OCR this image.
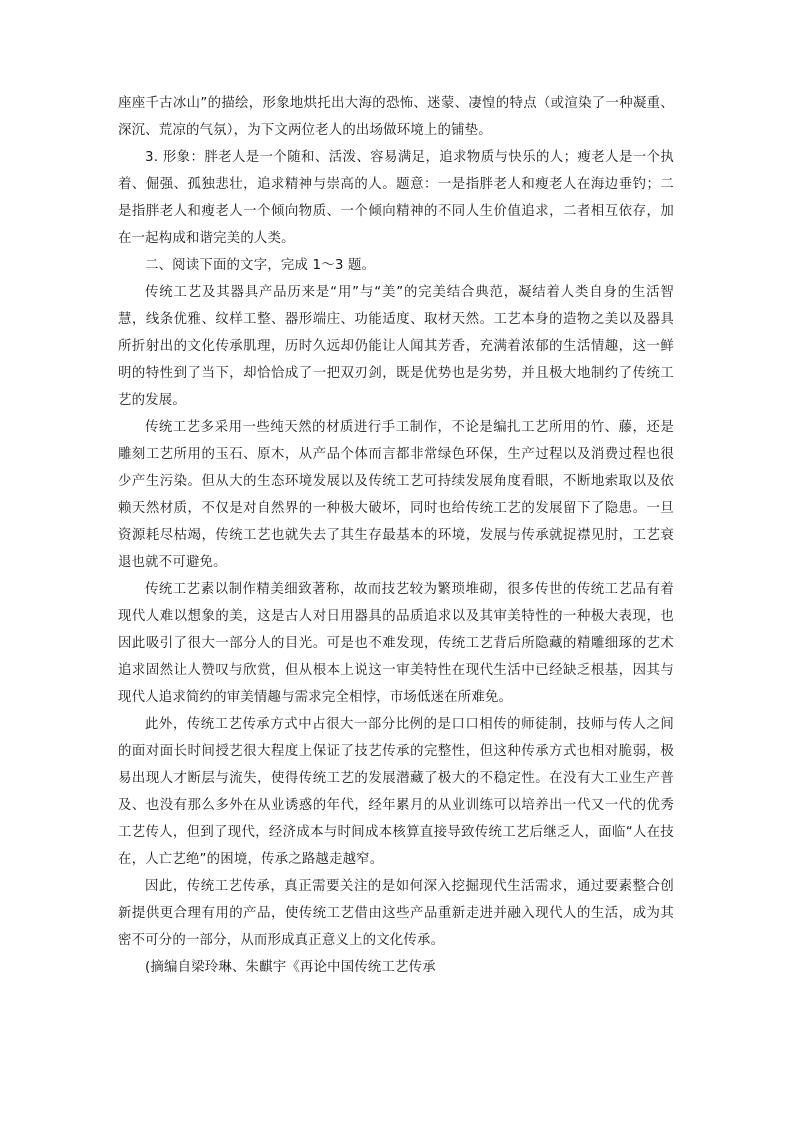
座座千古冰山”的描绘，形象地烘托出大海的恐怖、迷蒙、凄惶的特点（或渲染了一种凝重、深沉、荒凉的气氛），为下文两位老人的出场做环境上的铺垫。

3. 形象：胖老人是一个随和、活泼、容易满足，追求物质与快乐的人；瘦老人是一个执着、倔强、孤独悲壮，追求精神与崇高的人。题意：一是指胖老人和瘦老人在海边垂钓；二是指胖老人和瘦老人一个倾向物质、一个倾向精神的不同人生价值追求，二者相互依存，加在一起构成和谐完美的人类。

二、阅读下面的文字，完成 1～3 题。

传统工艺及其器具产品历来是“用”与“美”的完美结合典范，凝结着人类自身的生活智慧，线条优雅、纹样工整、器形端庄、功能适度、取材天然。工艺本身的造物之美以及器具所折射出的文化传承肌理，历时久远却仍能让人闻其芳香，充满着浓郁的生活情趣，这一鲜明的特性到了当下，却恰恰成了一把双刃剑，既是优势也是劣势，并且极大地制约了传统工艺的发展。

传统工艺多采用一些纯天然的材质进行手工制作，不论是编扎工艺所用的竹、藤，还是雕刻工艺所用的玉石、原木，从产品个体而言都非常绿色环保，生产过程以及消费过程也很少产生污染。但从大的生态环境发展以及传统工艺可持续发展角度看眼，不断地索取以及依赖天然材质，不仅是对自然界的一种极大破坏，同时也给传统工艺的发展留下了隐患。一旦资源耗尽枯竭，传统工艺也就失去了其生存最基本的环境，发展与传承就捉襟见肘，工艺衰退也就不可避免。

传统工艺素以制作精美细致著称，故而技艺较为繁琐堆砌，很多传世的传统工艺品有着现代人难以想象的美，这是古人对日用器具的品质追求以及其审美特性的一种极大表现，也因此吸引了很大一部分人的目光。可是也不难发现，传统工艺背后所隐藏的精雕细琢的艺术追求固然让人赞叹与欣赏，但从根本上说这一审美特性在现代生活中已经缺乏根基，因其与现代人追求简约的审美情趣与需求完全相悖，市场低迷在所难免。

此外，传统工艺传承方式中占很大一部分比例的是口口相传的师徒制，技师与传人之间的面对面长时间授艺很大程度上保证了技艺传承的完整性，但这种传承方式也相对脆弱，极易出现人才断层与流失，使得传统工艺的发展潜藏了极大的不稳定性。在没有大工业生产普及、也没有那么多外在从业诱惑的年代，经年累月的从业训练可以培养出一代又一代的优秀工艺传人，但到了现代，经济成本与时间成本核算直接导致传统工艺后继乏人，面临“人在技在，人亡艺绝”的困境，传承之路越走越窄。

因此，传统工艺传承，真正需要关注的是如何深入挖掘现代生活需求，通过要素整合创新提供更合理有用的产品，使传统工艺借由这些产品重新走进并融入现代人的生活，成为其密不可分的一部分，从而形成真正意义上的文化传承。

(摘编自梁玲琳、朱麒宇《再论中国传统工艺传承
